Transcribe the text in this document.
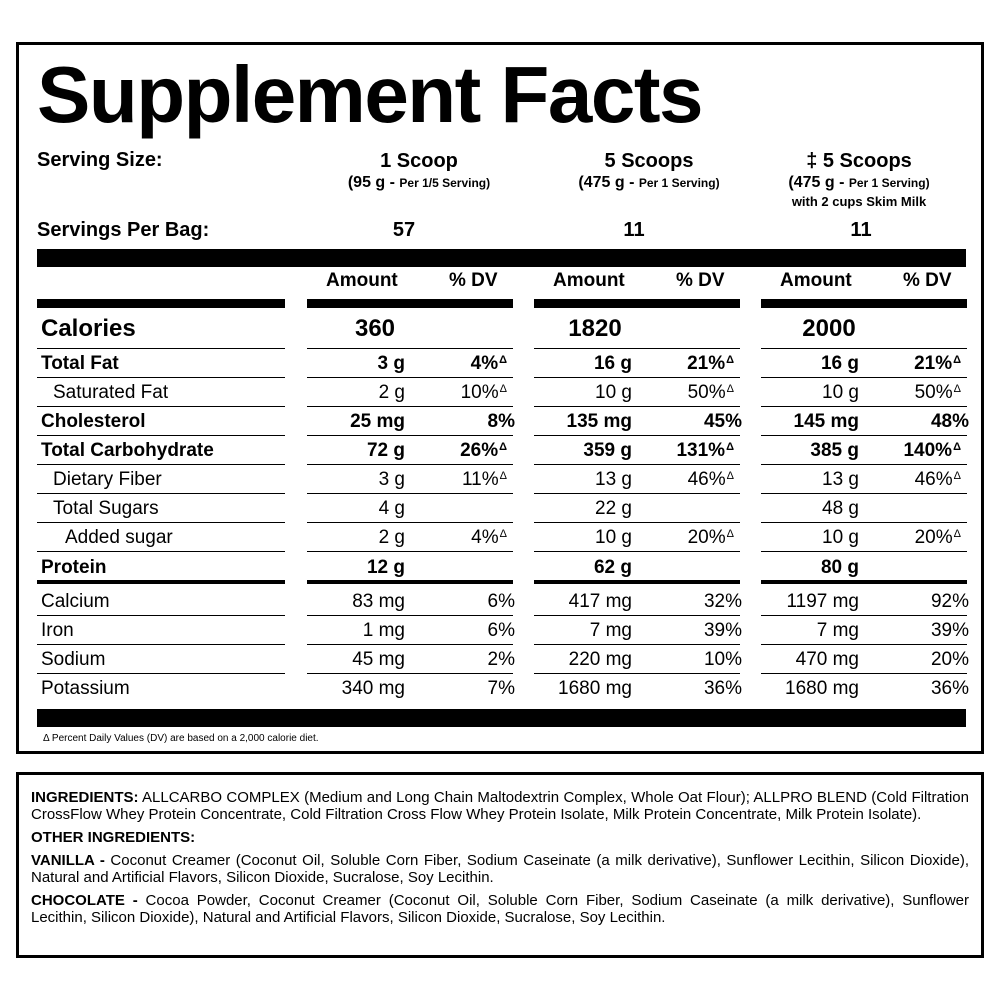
Supplement Facts
Serving Size:	1 Scoop
(95 g - Per 1/5 Serving)
5 Scoops
(475 g - Per 1 Serving)
‡ 5 Scoops
(475 g - Per 1 Serving)
with 2 cups Skim Milk
Servings Per Bag:	57	11	11
Amount	% DV	Amount	% DV	Amount	% DV
Calories	360	1820	2000
Total Fat	3 g	4%$^\Delta$	16 g	21%$^\Delta$	16 g	21%$^\Delta$
Saturated Fat	2 g	10%$^\Delta$	10 g	50%$^\Delta$	10 g	50%$^\Delta$
Cholesterol	25 mg	8%	135 mg	45%	145 mg	48%
Total Carbohydrate	72 g	26%$^\Delta$	359 g 131%$^\Delta$	385 g 140%$^\Delta$
Dietary Fiber	3 g	11%$^\Delta$	13 g	46%$^\Delta$	13 g	46%$^\Delta$
Total Sugars	4 g	22 g	48 g
Added sugar	2 g	4%$^\Delta$	10 g	20%$^\Delta$	10 g	20%$^\Delta$
Protein	12 g	62 g	80 g
Calcium	83 mg	6%	417 mg	32% 1197 mg	92%
Iron	1 mg	6%	7 mg	39%	7 mg	39%
Sodium	45 mg	2%	220 mg	10%	470 mg	20%
Potassium	340 mg	7% 1680 mg	36% 1680 mg	36%
Δ Percent Daily Values (DV) are based on a 2,000 calorie diet.

INGREDIENTS: ALLCARBO COMPLEX (Medium and Long Chain Maltodextrin Complex, Whole Oat Flour); ALLPRO BLEND (Cold Filtration CrossFlow Whey Protein Concentrate, Cold Filtration Cross Flow Whey Protein Isolate, Milk Protein Concentrate, Milk Protein Isolate).

OTHER INGREDIENTS:

VANILLA - Coconut Creamer (Coconut Oil, Soluble Corn Fiber, Sodium Caseinate (a milk derivative), Sunflower Lecithin, Silicon Dioxide), Natural and Artificial Flavors, Silicon Dioxide, Sucralose, Soy Lecithin.

CHOCOLATE - Cocoa Powder, Coconut Creamer (Coconut Oil, Soluble Corn Fiber, Sodium Caseinate (a milk derivative), Sunflower Lecithin, Silicon Dioxide), Natural and Artificial Flavors, Silicon Dioxide, Sucralose, Soy Lecithin.
